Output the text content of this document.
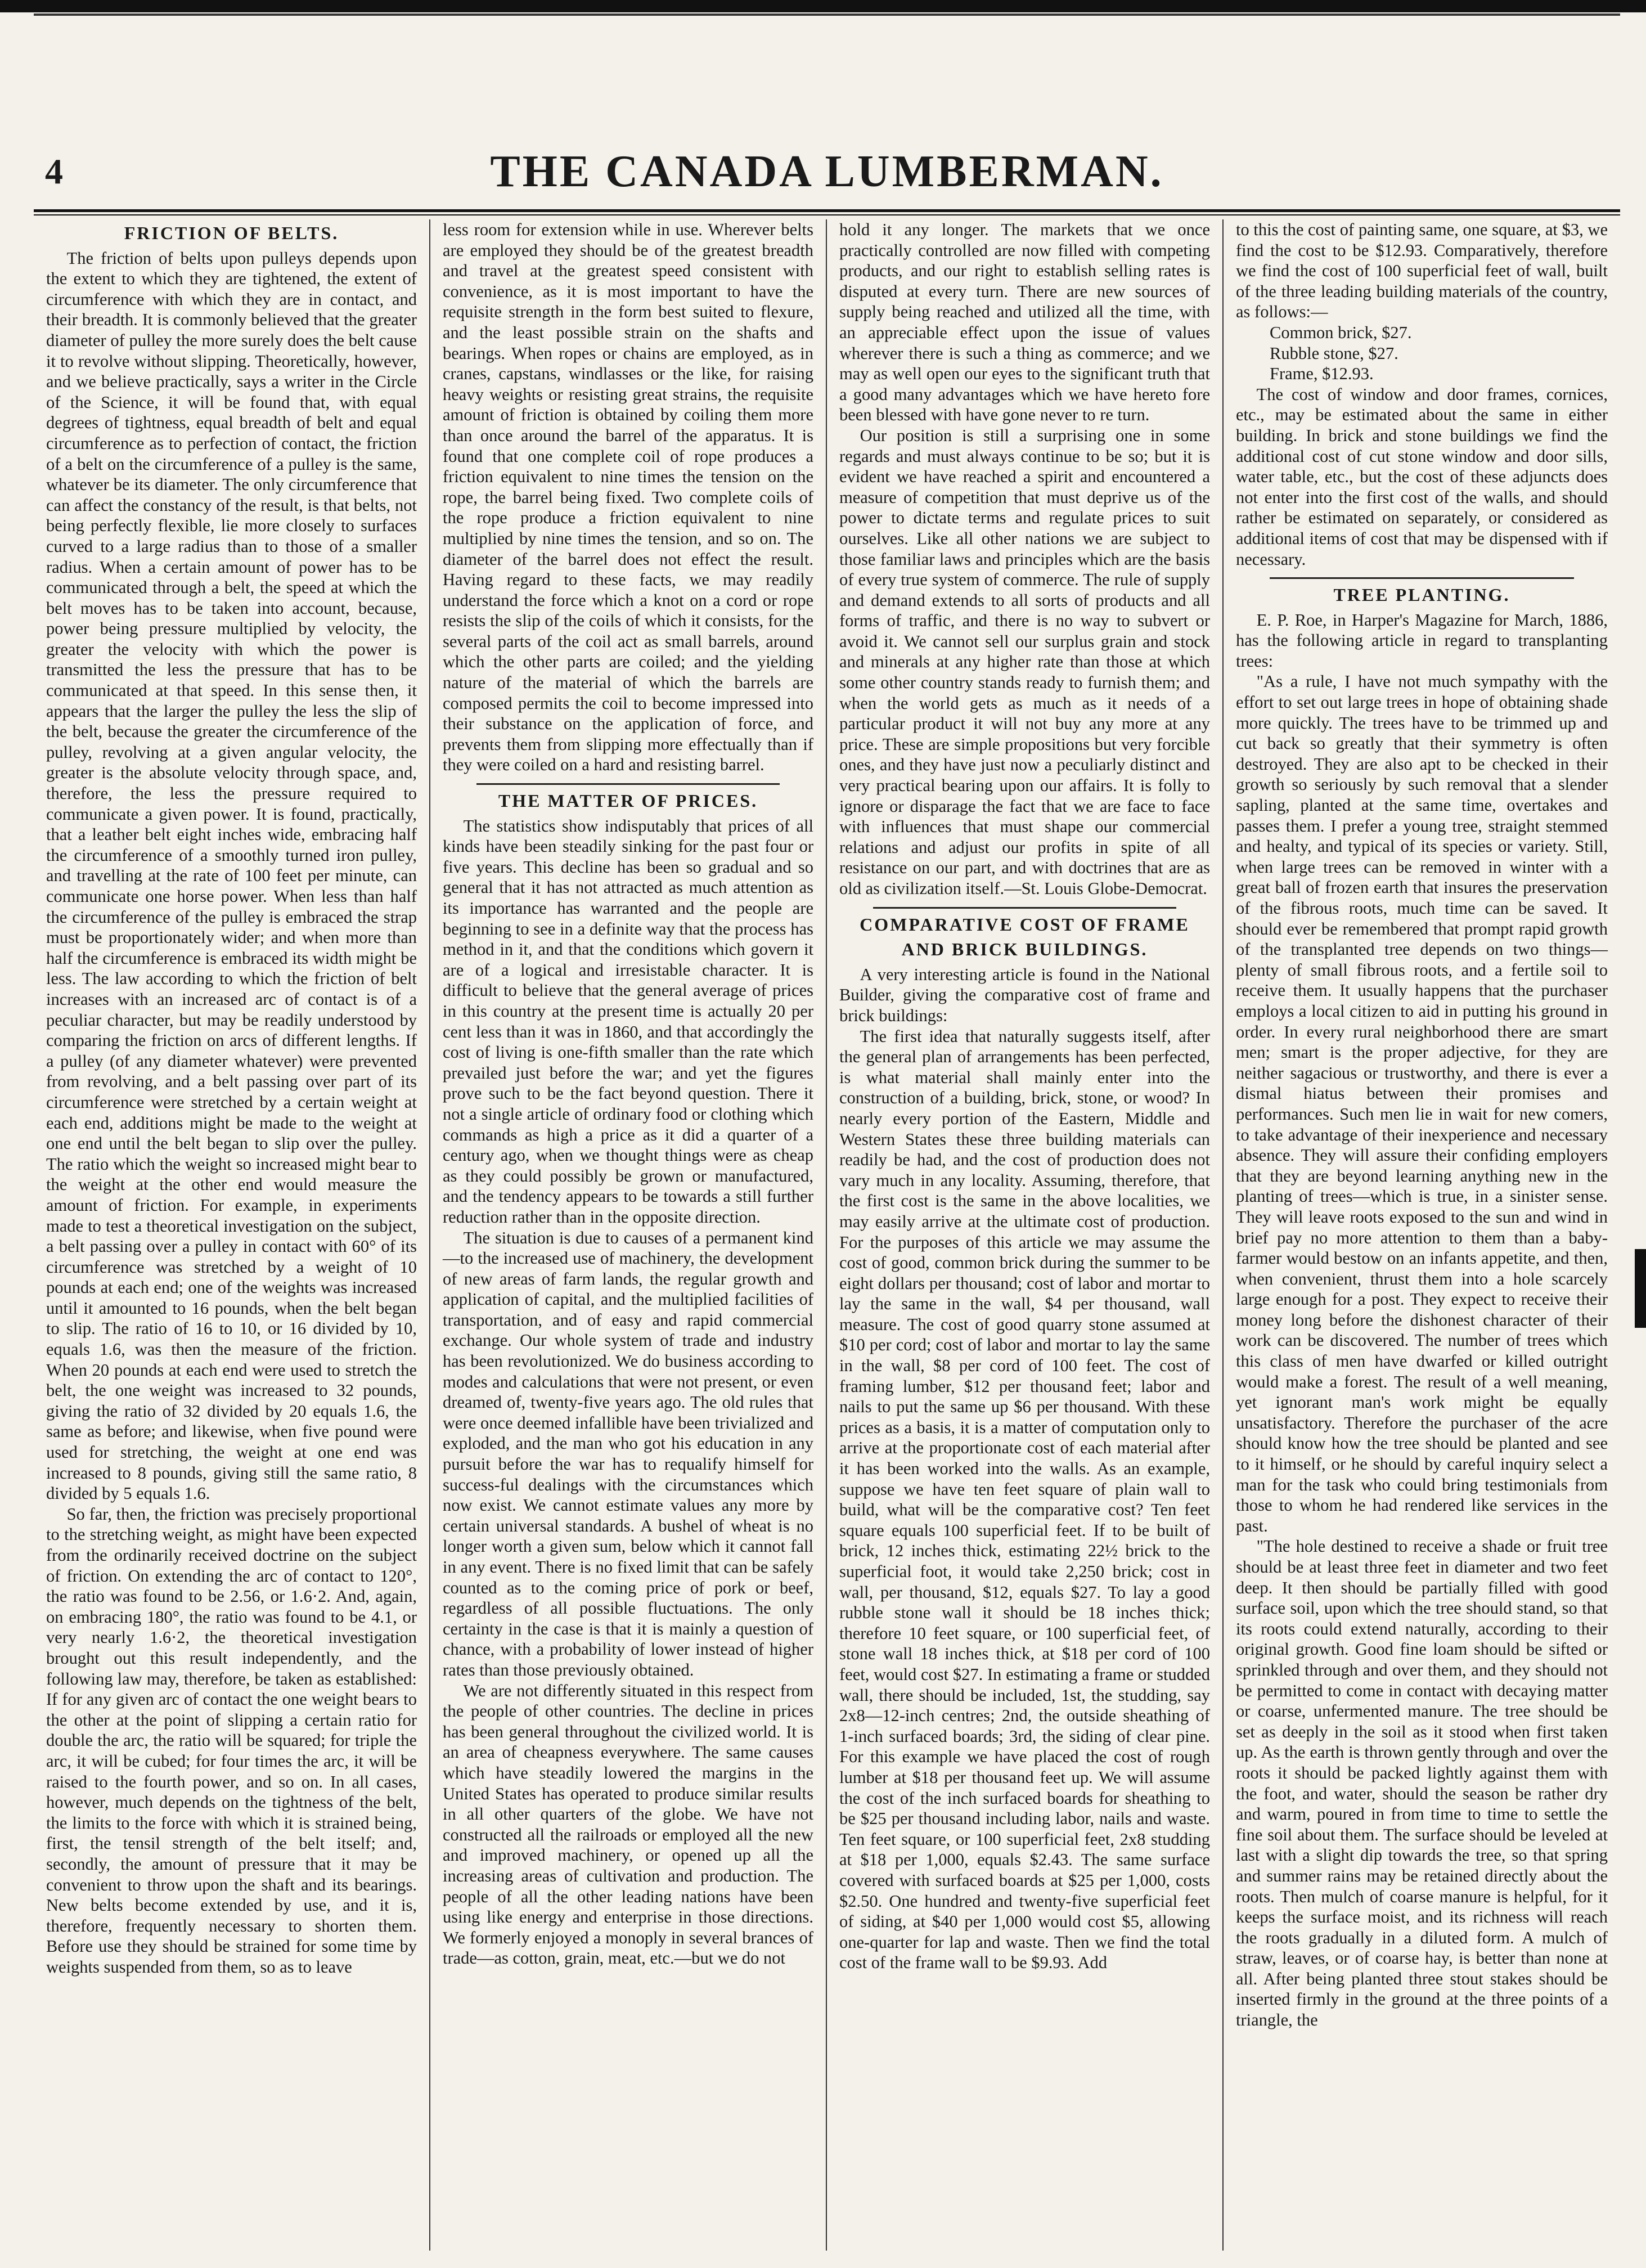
4	THE CANADA LUMBERMAN.
FRICTION OF BELTS.

The friction of belts upon pulleys depends upon the extent to which they are tightened, the extent of circumference with which they are in contact, and their breadth. It is commonly believed that the greater diameter of pulley the more surely does the belt cause it to revolve without slipping. Theoretically, however, and we believe practically, says a writer in the Circle of the Science, it will be found that, with equal degrees of tightness, equal breadth of belt and equal circumference as to perfection of contact, the friction of a belt on the circumference of a pulley is the same, whatever be its diameter. The only circumference that can affect the constancy of the result, is that belts, not being perfectly flexible, lie more closely to surfaces curved to a large radius than to those of a smaller radius. When a certain amount of power has to be communicated through a belt, the speed at which the belt moves has to be taken into account, because, power being pressure multiplied by velocity, the greater the velocity with which the power is transmitted the less the pressure that has to be communicated at that speed. In this sense then, it appears that the larger the pulley the less the slip of the belt, because the greater the circumference of the pulley, revolving at a given angular velocity, the greater is the absolute velocity through space, and, therefore, the less the pressure required to communicate a given power. It is found, practically, that a leather belt eight inches wide, embracing half the circumference of a smoothly turned iron pulley, and travelling at the rate of 100 feet per minute, can communicate one horse power. When less than half the circumference of the pulley is embraced the strap must be proportionately wider; and when more than half the circumference is embraced its width might be less. The law according to which the friction of belt increases with an increased arc of contact is of a peculiar character, but may be readily understood by comparing the friction on arcs of different lengths. If a pulley (of any diameter whatever) were prevented from revolving, and a belt passing over part of its circumference were stretched by a certain weight at each end, additions might be made to the weight at one end until the belt began to slip over the pulley. The ratio which the weight so increased might bear to the weight at the other end would measure the amount of friction. For example, in experiments made to test a theoretical investigation on the subject, a belt passing over a pulley in contact with 60° of its circumference was stretched by a weight of 10 pounds at each end; one of the weights was increased until it amounted to 16 pounds, when the belt began to slip. The ratio of 16 to 10, or 16 divided by 10, equals 1.6, was then the measure of the friction. When 20 pounds at each end were used to stretch the belt, the one weight was increased to 32 pounds, giving the ratio of 32 divided by 20 equals 1.6, the same as before; and likewise, when five pound were used for stretching, the weight at one end was increased to 8 pounds, giving still the same ratio, 8 divided by 5 equals 1.6.

So far, then, the friction was precisely proportional to the stretching weight, as might have been expected from the ordinarily received doctrine on the subject of friction. On extending the arc of contact to 120°, the ratio was found to be 2.56, or 1.6·2. And, again, on embracing 180°, the ratio was found to be 4.1, or very nearly 1.6·2, the theoretical investigation brought out this result independently, and the following law may, therefore, be taken as established: If for any given arc of contact the one weight bears to the other at the point of slipping a certain ratio for double the arc, the ratio will be squared; for triple the arc, it will be cubed; for four times the arc, it will be raised to the fourth power, and so on. In all cases, however, much depends on the tightness of the belt, the limits to the force with which it is strained being, first, the tensil strength of the belt itself; and, secondly, the amount of pressure that it may be convenient to throw upon the shaft and its bearings. New belts become extended by use, and it is, therefore, frequently necessary to shorten them. Before use they should be strained for some time by weights suspended from them, so as to leave

less room for extension while in use. Wherever belts are employed they should be of the greatest breadth and travel at the greatest speed consistent with convenience, as it is most important to have the requisite strength in the form best suited to flexure, and the least possible strain on the shafts and bearings. When ropes or chains are employed, as in cranes, capstans, windlasses or the like, for raising heavy weights or resisting great strains, the requisite amount of friction is obtained by coiling them more than once around the barrel of the apparatus. It is found that one complete coil of rope produces a friction equivalent to nine times the tension on the rope, the barrel being fixed. Two complete coils of the rope produce a friction equivalent to nine multiplied by nine times the tension, and so on. The diameter of the barrel does not effect the result. Having regard to these facts, we may readily understand the force which a knot on a cord or rope resists the slip of the coils of which it consists, for the several parts of the coil act as small barrels, around which the other parts are coiled; and the yielding nature of the material of which the barrels are composed permits the coil to become impressed into their substance on the application of force, and prevents them from slipping more effectually than if they were coiled on a hard and resisting barrel.

THE MATTER OF PRICES.

The statistics show indisputably that prices of all kinds have been steadily sinking for the past four or five years. This decline has been so gradual and so general that it has not attracted as much attention as its importance has warranted and the people are beginning to see in a definite way that the process has method in it, and that the conditions which govern it are of a logical and irresistable character. It is difficult to believe that the general average of prices in this country at the present time is actually 20 per cent less than it was in 1860, and that accordingly the cost of living is one-fifth smaller than the rate which prevailed just before the war; and yet the figures prove such to be the fact beyond question. There it not a single article of ordinary food or clothing which commands as high a price as it did a quarter of a century ago, when we thought things were as cheap as they could possibly be grown or manufactured, and the tendency appears to be towards a still further reduction rather than in the opposite direction.

The situation is due to causes of a permanent kind—to the increased use of machinery, the development of new areas of farm lands, the regular growth and application of capital, and the multiplied facilities of transportation, and of easy and rapid commercial exchange. Our whole system of trade and industry has been revolutionized. We do business according to modes and calculations that were not present, or even dreamed of, twenty-five years ago. The old rules that were once deemed infallible have been trivialized and exploded, and the man who got his education in any pursuit before the war has to requalify himself for success-ful dealings with the circumstances which now exist. We cannot estimate values any more by certain universal standards. A bushel of wheat is no longer worth a given sum, below which it cannot fall in any event. There is no fixed limit that can be safely counted as to the coming price of pork or beef, regardless of all possible fluctuations. The only certainty in the case is that it is mainly a question of chance, with a probability of lower instead of higher rates than those previously obtained.

We are not differently situated in this respect from the people of other countries. The decline in prices has been general throughout the civilized world. It is an area of cheapness everywhere. The same causes which have steadily lowered the margins in the United States has operated to produce similar results in all other quarters of the globe. We have not constructed all the railroads or employed all the new and improved machinery, or opened up all the increasing areas of cultivation and production. The people of all the other leading nations have been using like energy and enterprise in those directions. We formerly enjoyed a monoply in several brances of trade—as cotton, grain, meat, etc.—but we do not

hold it any longer. The markets that we once practically controlled are now filled with competing products, and our right to establish selling rates is disputed at every turn. There are new sources of supply being reached and utilized all the time, with an appreciable effect upon the issue of values wherever there is such a thing as commerce; and we may as well open our eyes to the significant truth that a good many advantages which we have hereto fore been blessed with have gone never to re turn.

Our position is still a surprising one in some regards and must always continue to be so; but it is evident we have reached a spirit and encountered a measure of competition that must deprive us of the power to dictate terms and regulate prices to suit ourselves. Like all other nations we are subject to those familiar laws and principles which are the basis of every true system of commerce. The rule of supply and demand extends to all sorts of products and all forms of traffic, and there is no way to subvert or avoid it. We cannot sell our surplus grain and stock and minerals at any higher rate than those at which some other country stands ready to furnish them; and when the world gets as much as it needs of a particular product it will not buy any more at any price. These are simple propositions but very forcible ones, and they have just now a peculiarly distinct and very practical bearing upon our affairs. It is folly to ignore or disparage the fact that we are face to face with influences that must shape our commercial relations and adjust our profits in spite of all resistance on our part, and with doctrines that are as old as civilization itself.—St. Louis Globe-Democrat.

COMPARATIVE COST OF FRAME
AND BRICK BUILDINGS.

A very interesting article is found in the National Builder, giving the comparative cost of frame and brick buildings:

The first idea that naturally suggests itself, after the general plan of arrangements has been perfected, is what material shall mainly enter into the construction of a building, brick, stone, or wood? In nearly every portion of the Eastern, Middle and Western States these three building materials can readily be had, and the cost of production does not vary much in any locality. Assuming, therefore, that the first cost is the same in the above localities, we may easily arrive at the ultimate cost of production. For the purposes of this article we may assume the cost of good, common brick during the summer to be eight dollars per thousand; cost of labor and mortar to lay the same in the wall, $4 per thousand, wall measure. The cost of good quarry stone assumed at $10 per cord; cost of labor and mortar to lay the same in the wall, $8 per cord of 100 feet. The cost of framing lumber, $12 per thousand feet; labor and nails to put the same up $6 per thousand. With these prices as a basis, it is a matter of computation only to arrive at the proportionate cost of each material after it has been worked into the walls. As an example, suppose we have ten feet square of plain wall to build, what will be the comparative cost? Ten feet square equals 100 superficial feet. If to be built of brick, 12 inches thick, estimating 22½ brick to the superficial foot, it would take 2,250 brick; cost in wall, per thousand, $12, equals $27. To lay a good rubble stone wall it should be 18 inches thick; therefore 10 feet square, or 100 superficial feet, of stone wall 18 inches thick, at $18 per cord of 100 feet, would cost $27. In estimating a frame or studded wall, there should be included, 1st, the studding, say 2x8—12-inch centres; 2nd, the outside sheathing of 1-inch surfaced boards; 3rd, the siding of clear pine. For this example we have placed the cost of rough lumber at $18 per thousand feet up. We will assume the cost of the inch surfaced boards for sheathing to be $25 per thousand including labor, nails and waste. Ten feet square, or 100 superficial feet, 2x8 studding at $18 per 1,000, equals $2.43. The same surface covered with surfaced boards at $25 per 1,000, costs $2.50. One hundred and twenty-five superficial feet of siding, at $40 per 1,000 would cost $5, allowing one-quarter for lap and waste. Then we find the total cost of the frame wall to be $9.93. Add

to this the cost of painting same, one square, at $3, we find the cost to be $12.93. Comparatively, therefore we find the cost of 100 superficial feet of wall, built of the three leading building materials of the country, as follows:—

Common brick, $27.

Rubble stone, $27.

Frame, $12.93.

The cost of window and door frames, cornices, etc., may be estimated about the same in either building. In brick and stone buildings we find the additional cost of cut stone window and door sills, water table, etc., but the cost of these adjuncts does not enter into the first cost of the walls, and should rather be estimated on separately, or considered as additional items of cost that may be dispensed with if necessary.

TREE PLANTING.

E. P. Roe, in Harper's Magazine for March, 1886, has the following article in regard to transplanting trees:

"As a rule, I have not much sympathy with the effort to set out large trees in hope of obtaining shade more quickly. The trees have to be trimmed up and cut back so greatly that their symmetry is often destroyed. They are also apt to be checked in their growth so seriously by such removal that a slender sapling, planted at the same time, overtakes and passes them. I prefer a young tree, straight stemmed and healty, and typical of its species or variety. Still, when large trees can be removed in winter with a great ball of frozen earth that insures the preservation of the fibrous roots, much time can be saved. It should ever be remembered that prompt rapid growth of the transplanted tree depends on two things—plenty of small fibrous roots, and a fertile soil to receive them. It usually happens that the purchaser employs a local citizen to aid in putting his ground in order. In every rural neighborhood there are smart men; smart is the proper adjective, for they are neither sagacious or trustworthy, and there is ever a dismal hiatus between their promises and performances. Such men lie in wait for new comers, to take advantage of their inexperience and necessary absence. They will assure their confiding employers that they are beyond learning anything new in the planting of trees—which is true, in a sinister sense. They will leave roots exposed to the sun and wind in brief pay no more attention to them than a baby-farmer would bestow on an infants appetite, and then, when convenient, thrust them into a hole scarcely large enough for a post. They expect to receive their money long before the dishonest character of their work can be discovered. The number of trees which this class of men have dwarfed or killed outright would make a forest. The result of a well meaning, yet ignorant man's work might be equally unsatisfactory. Therefore the purchaser of the acre should know how the tree should be planted and see to it himself, or he should by careful inquiry select a man for the task who could bring testimonials from those to whom he had rendered like services in the past.

"The hole destined to receive a shade or fruit tree should be at least three feet in diameter and two feet deep. It then should be partially filled with good surface soil, upon which the tree should stand, so that its roots could extend naturally, according to their original growth. Good fine loam should be sifted or sprinkled through and over them, and they should not be permitted to come in contact with decaying matter or coarse, unfermented manure. The tree should be set as deeply in the soil as it stood when first taken up. As the earth is thrown gently through and over the roots it should be packed lightly against them with the foot, and water, should the season be rather dry and warm, poured in from time to time to settle the fine soil about them. The surface should be leveled at last with a slight dip towards the tree, so that spring and summer rains may be retained directly about the roots. Then mulch of coarse manure is helpful, for it keeps the surface moist, and its richness will reach the roots gradually in a diluted form. A mulch of straw, leaves, or of coarse hay, is better than none at all. After being planted three stout stakes should be inserted firmly in the ground at the three points of a triangle, the
